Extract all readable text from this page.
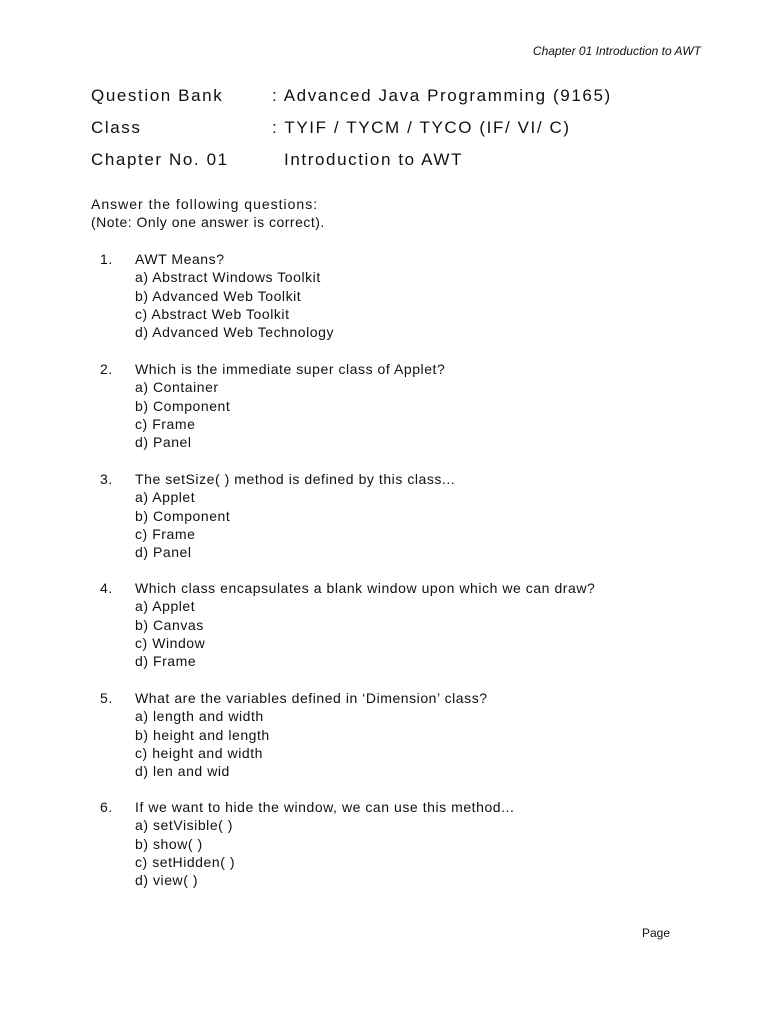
Chapter 01 Introduction to AWT
Question Bank	: Advanced Java Programming (9165)
Class	: TYIF / TYCM / TYCO (IF/ VI/ C)
Chapter No. 01	Introduction to AWT
Answer the following questions:
(Note: Only one answer is correct).
1.	AWT Means?
a) Abstract Windows Toolkit
b) Advanced Web Toolkit
c) Abstract Web Toolkit
d) Advanced Web Technology
2.	Which is the immediate super class of Applet?
a) Container
b) Component
c) Frame
d) Panel
3.	The setSize( ) method is defined by this class...
a) Applet
b) Component
c) Frame
d) Panel
4.	Which class encapsulates a blank window upon which we can draw?
a) Applet
b) Canvas
c) Window
d) Frame
5.	What are the variables defined in ‘Dimension’ class?
a) length and width
b) height and length
c) height and width
d) len and wid
6.	If we want to hide the window, we can use this method...
a) setVisible( )
b) show( )
c) setHidden( )
d) view( )
Page
